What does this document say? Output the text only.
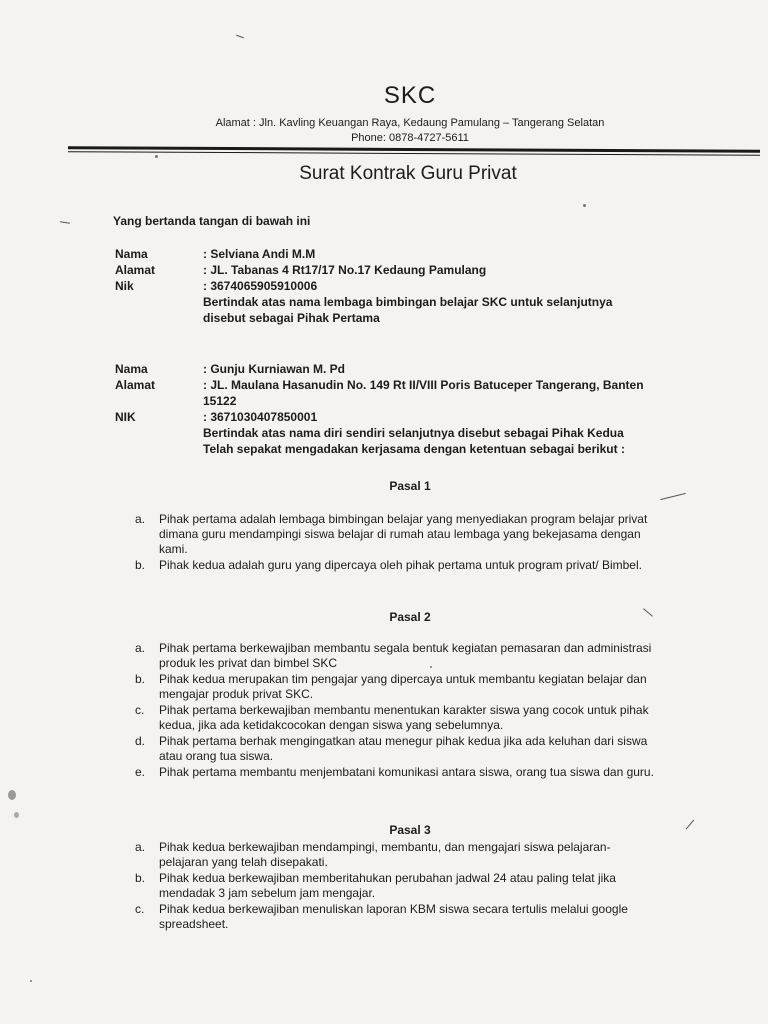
SKC
Alamat : Jln. Kavling Keuangan Raya, Kedaung Pamulang – Tangerang Selatan
Phone: 0878-4727-5611
Surat Kontrak Guru Privat
Yang bertanda tangan di bawah ini
Nama	: Selviana Andi M.M
Alamat	: JL. Tabanas 4 Rt17/17 No.17 Kedaung Pamulang
Nik	: 3674065905910006
Bertindak atas nama lembaga bimbingan belajar SKC untuk selanjutnya
disebut sebagai Pihak Pertama
Nama	: Gunju Kurniawan M. Pd
Alamat	: JL. Maulana Hasanudin No. 149 Rt II/VIII Poris Batuceper Tangerang, Banten
15122
NIK	: 3671030407850001
Bertindak atas nama diri sendiri selanjutnya disebut sebagai Pihak Kedua
Telah sepakat mengadakan kerjasama dengan ketentuan sebagai berikut :
Pasal 1
a.	Pihak pertama adalah lembaga bimbingan belajar yang menyediakan program belajar privat
dimana guru mendampingi siswa belajar di rumah atau lembaga yang bekejasama dengan
kami.
b.	Pihak kedua adalah guru yang dipercaya oleh pihak pertama untuk program privat/ Bimbel.
Pasal 2
a.	Pihak pertama berkewajiban membantu segala bentuk kegiatan pemasaran dan administrasi
produk les privat dan bimbel SKC
b.	Pihak kedua merupakan tim pengajar yang dipercaya untuk membantu kegiatan belajar dan
mengajar produk privat SKC.
c.	Pihak pertama berkewajiban membantu menentukan karakter siswa yang cocok untuk pihak
kedua, jika ada ketidakcocokan dengan siswa yang sebelumnya.
d.	Pihak pertama berhak mengingatkan atau menegur pihak kedua jika ada keluhan dari siswa
atau orang tua siswa.
e.	Pihak pertama membantu menjembatani komunikasi antara siswa, orang tua siswa dan guru.
Pasal 3
a.	Pihak kedua berkewajiban mendampingi, membantu, dan mengajari siswa pelajaran-
pelajaran yang telah disepakati.
b.	Pihak kedua berkewajiban memberitahukan perubahan jadwal 24 atau paling telat jika
mendadak 3 jam sebelum jam mengajar.
c.	Pihak kedua berkewajiban menuliskan laporan KBM siswa secara tertulis melalui google
spreadsheet.
